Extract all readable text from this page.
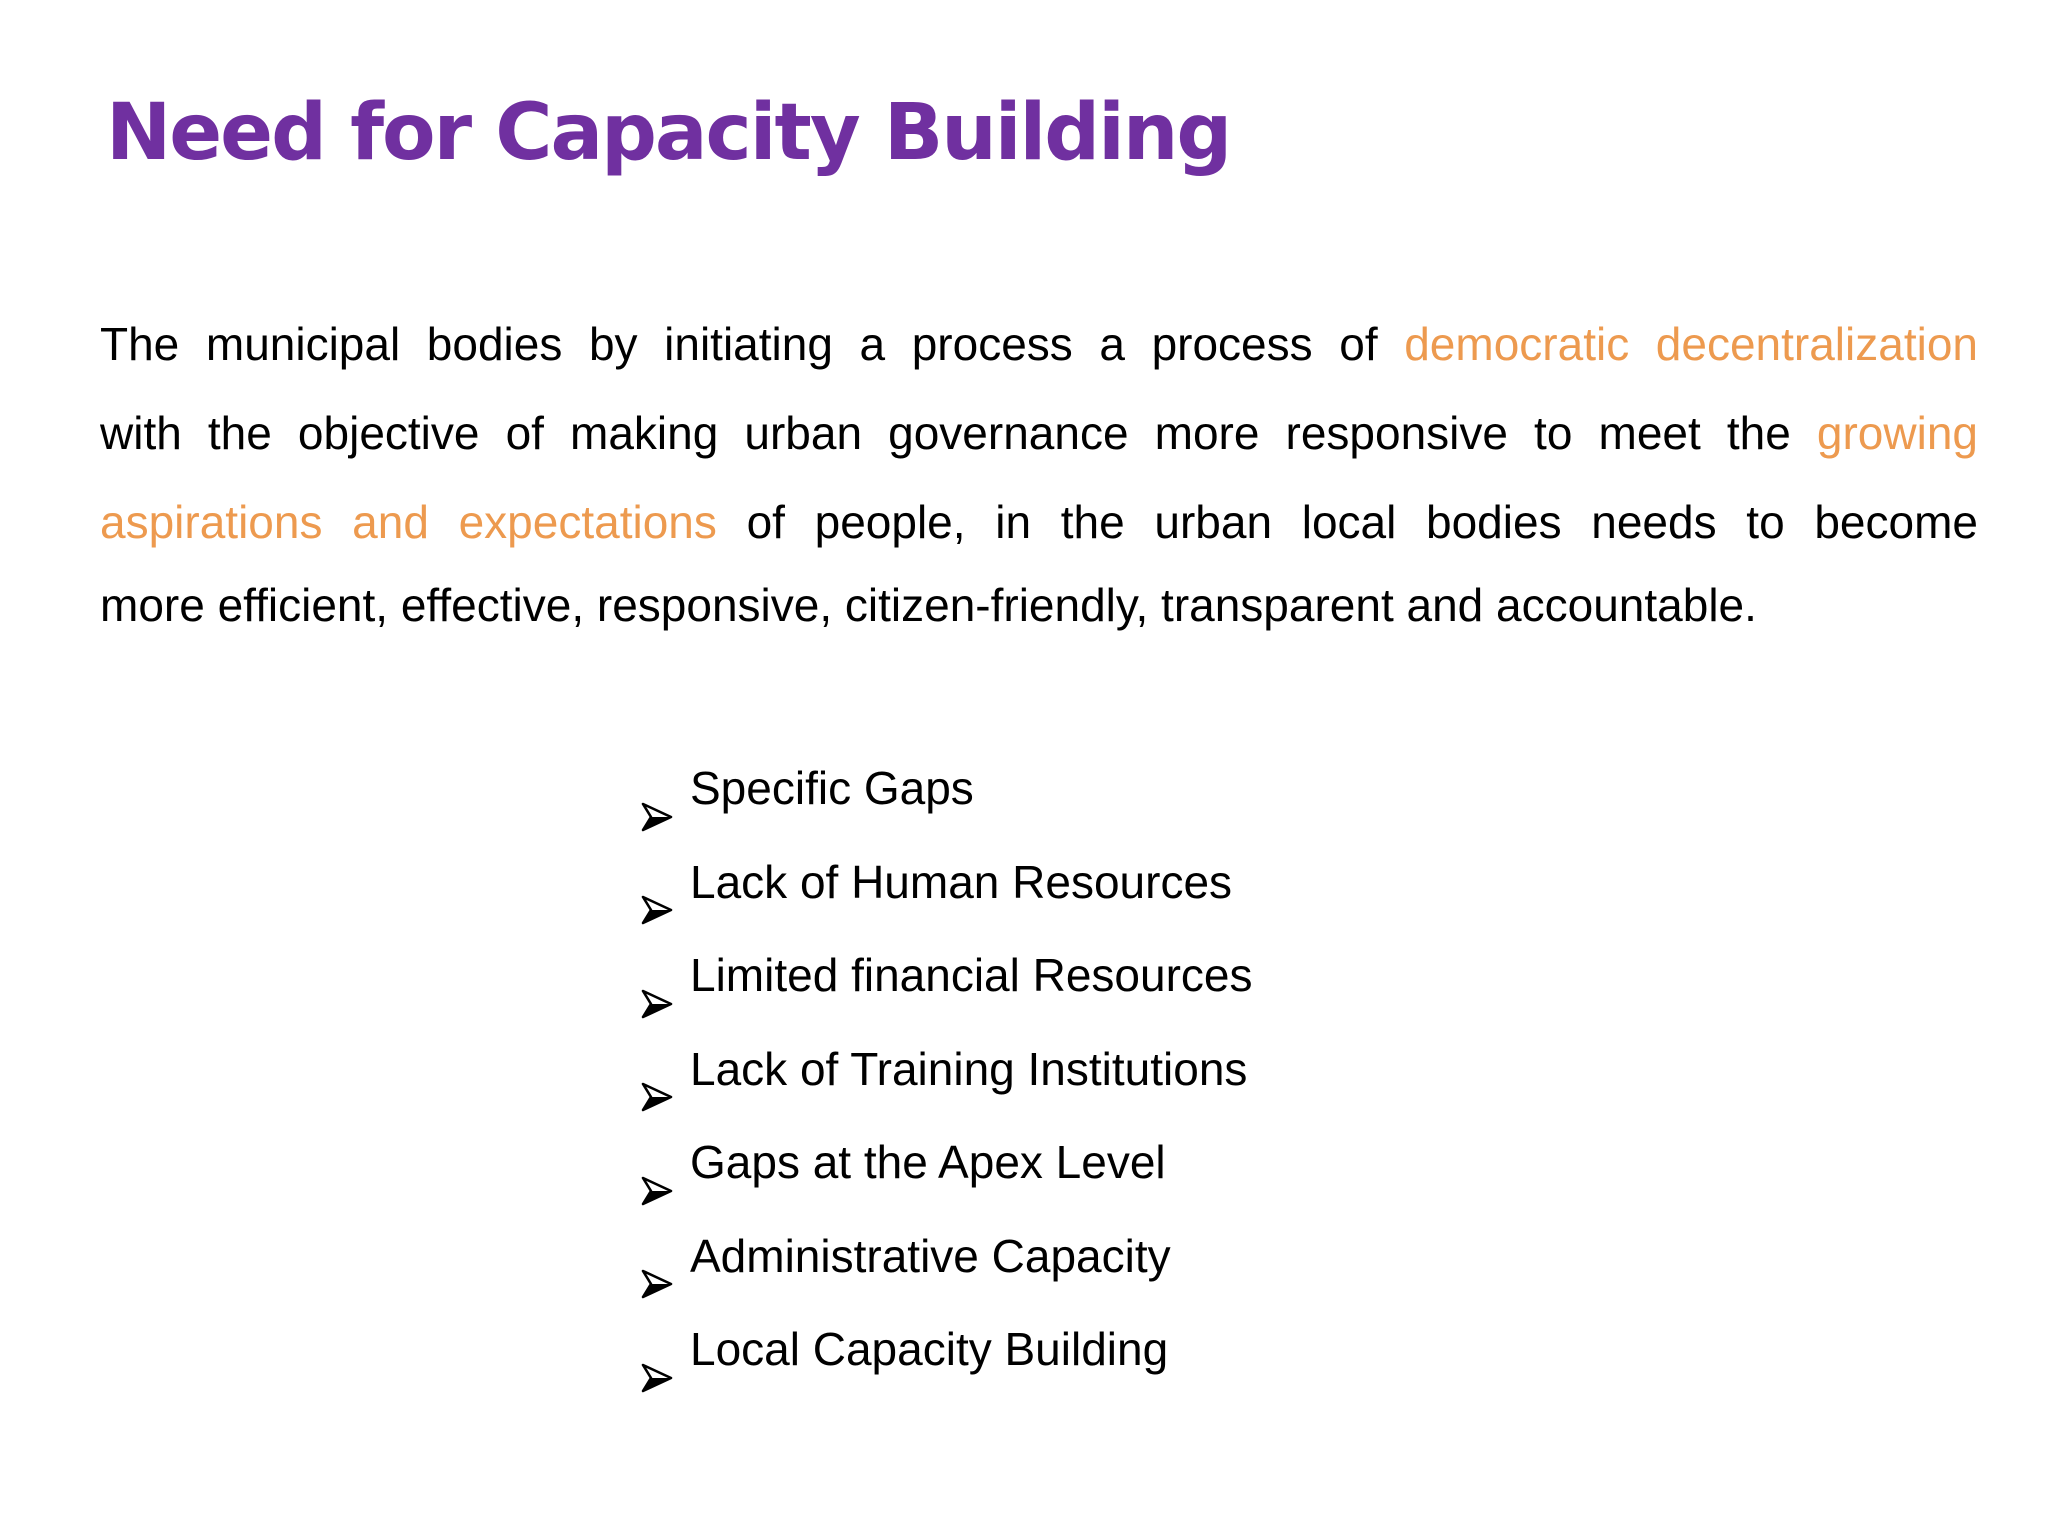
Need for Capacity Building
The municipal bodies by initiating a process a process of democratic decentralization
with the objective of making urban governance more responsive to meet the growing
aspirations and expectations of people, in the urban local bodies needs to become
more efficient, effective, responsive, citizen-friendly, transparent and accountable.
Specific Gaps
Lack of Human Resources
Limited financial Resources
Lack of Training Institutions
Gaps at the Apex Level
Administrative Capacity
Local Capacity Building
